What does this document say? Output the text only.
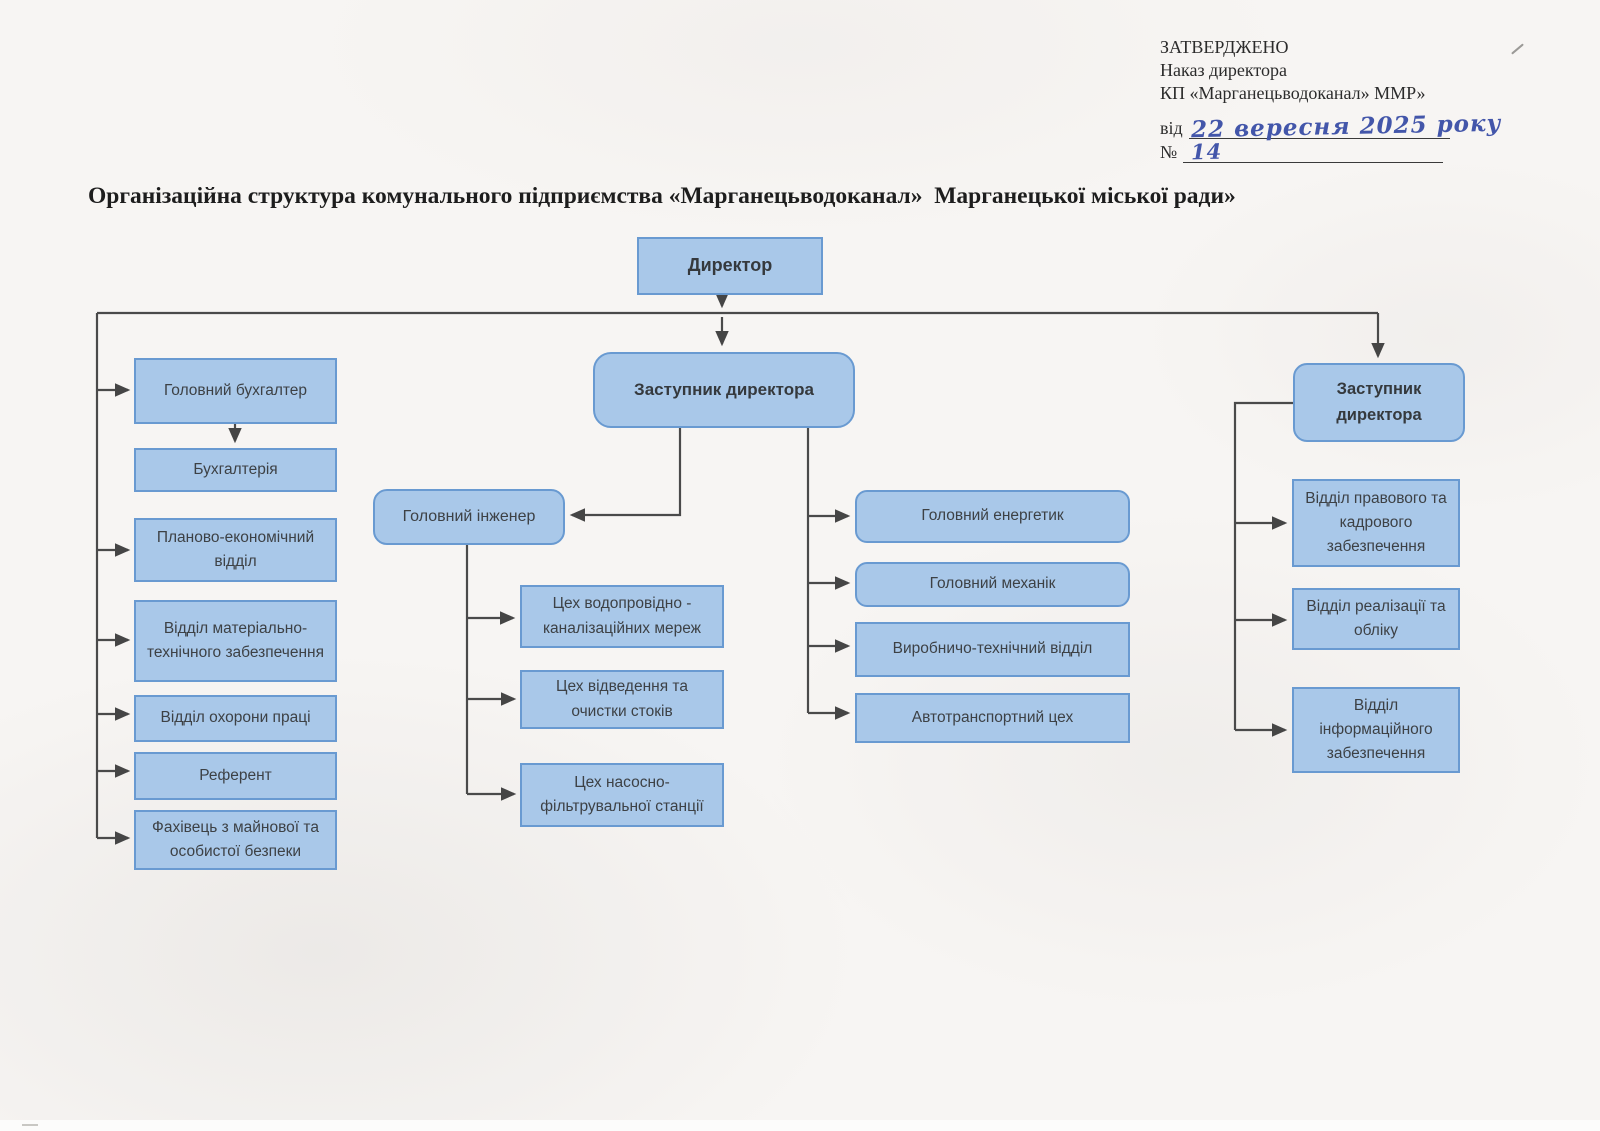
ЗАТВЕРДЖЕНО
Наказ директора
КП «Марганецьводоканал» ММР»
від 22 вересня 2025 року
№ 14
Організаційна структура комунального підприємства «Марганецьводоканал»  Марганецької міської ради»
Директор
Заступник директора	Заступник директора
Головний бухгалтер
Бухгалтерія
Планово-економічний відділ
Відділ матеріально-технічного забезпечення
Відділ охорони праці
Референт
Фахівець з майнової та особистої безпеки
Головний інженер
Цех водопровідно - каналізаційних мереж
Цех відведення та очистки стоків
Цех насосно-фільтрувальної станції
Головний енергетик
Головний механік
Виробничо-технічний відділ
Автотранспортний цех
Відділ правового та кадрового забезпечення
Відділ реалізації та обліку
Відділ інформаційного забезпечення
